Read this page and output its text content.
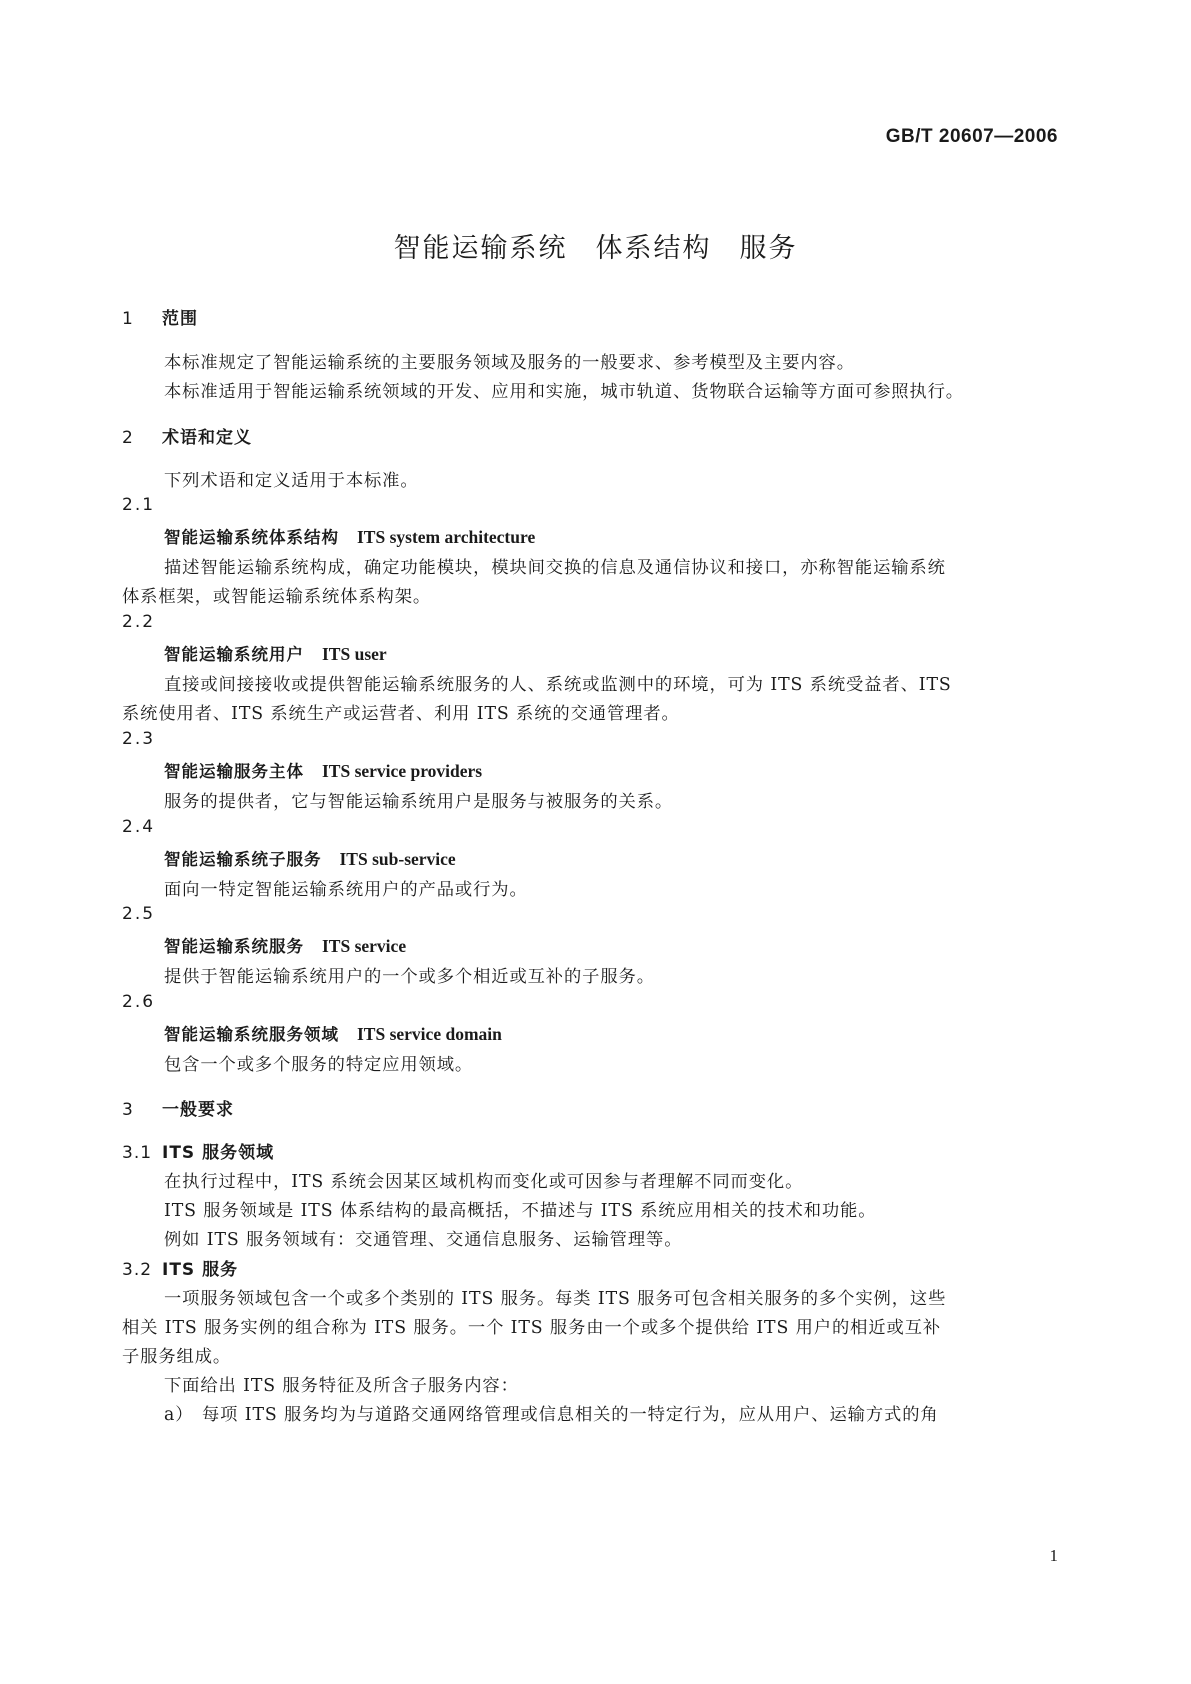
GB/T 20607—2006
智能运输系统 体系结构 服务
1 范围
本标准规定了智能运输系统的主要服务领域及服务的一般要求、参考模型及主要内容。
本标准适用于智能运输系统领域的开发、应用和实施，城市轨道、货物联合运输等方面可参照执行。
2 术语和定义
下列术语和定义适用于本标准。
2.1
智能运输系统体系结构 ITS system architecture
描述智能运输系统构成，确定功能模块，模块间交换的信息及通信协议和接口，亦称智能运输系统
体系框架，或智能运输系统体系构架。
2.2
智能运输系统用户 ITS user
直接或间接接收或提供智能运输系统服务的人、系统或监测中的环境，可为 ITS 系统受益者、ITS
系统使用者、ITS 系统生产或运营者、利用 ITS 系统的交通管理者。
2.3
智能运输服务主体 ITS service providers
服务的提供者，它与智能运输系统用户是服务与被服务的关系。
2.4
智能运输系统子服务 ITS sub-service
面向一特定智能运输系统用户的产品或行为。
2.5
智能运输系统服务 ITS service
提供于智能运输系统用户的一个或多个相近或互补的子服务。
2.6
智能运输系统服务领域 ITS service domain
包含一个或多个服务的特定应用领域。
3 一般要求
3.1 ITS 服务领域
在执行过程中，ITS 系统会因某区域机构而变化或可因参与者理解不同而变化。
ITS 服务领域是 ITS 体系结构的最高概括，不描述与 ITS 系统应用相关的技术和功能。
例如 ITS 服务领域有：交通管理、交通信息服务、运输管理等。
3.2 ITS 服务
一项服务领域包含一个或多个类别的 ITS 服务。每类 ITS 服务可包含相关服务的多个实例，这些
相关 ITS 服务实例的组合称为 ITS 服务。一个 ITS 服务由一个或多个提供给 ITS 用户的相近或互补
子服务组成。
下面给出 ITS 服务特征及所含子服务内容：
a） 每项 ITS 服务均为与道路交通网络管理或信息相关的一特定行为，应从用户、运输方式的角
1
